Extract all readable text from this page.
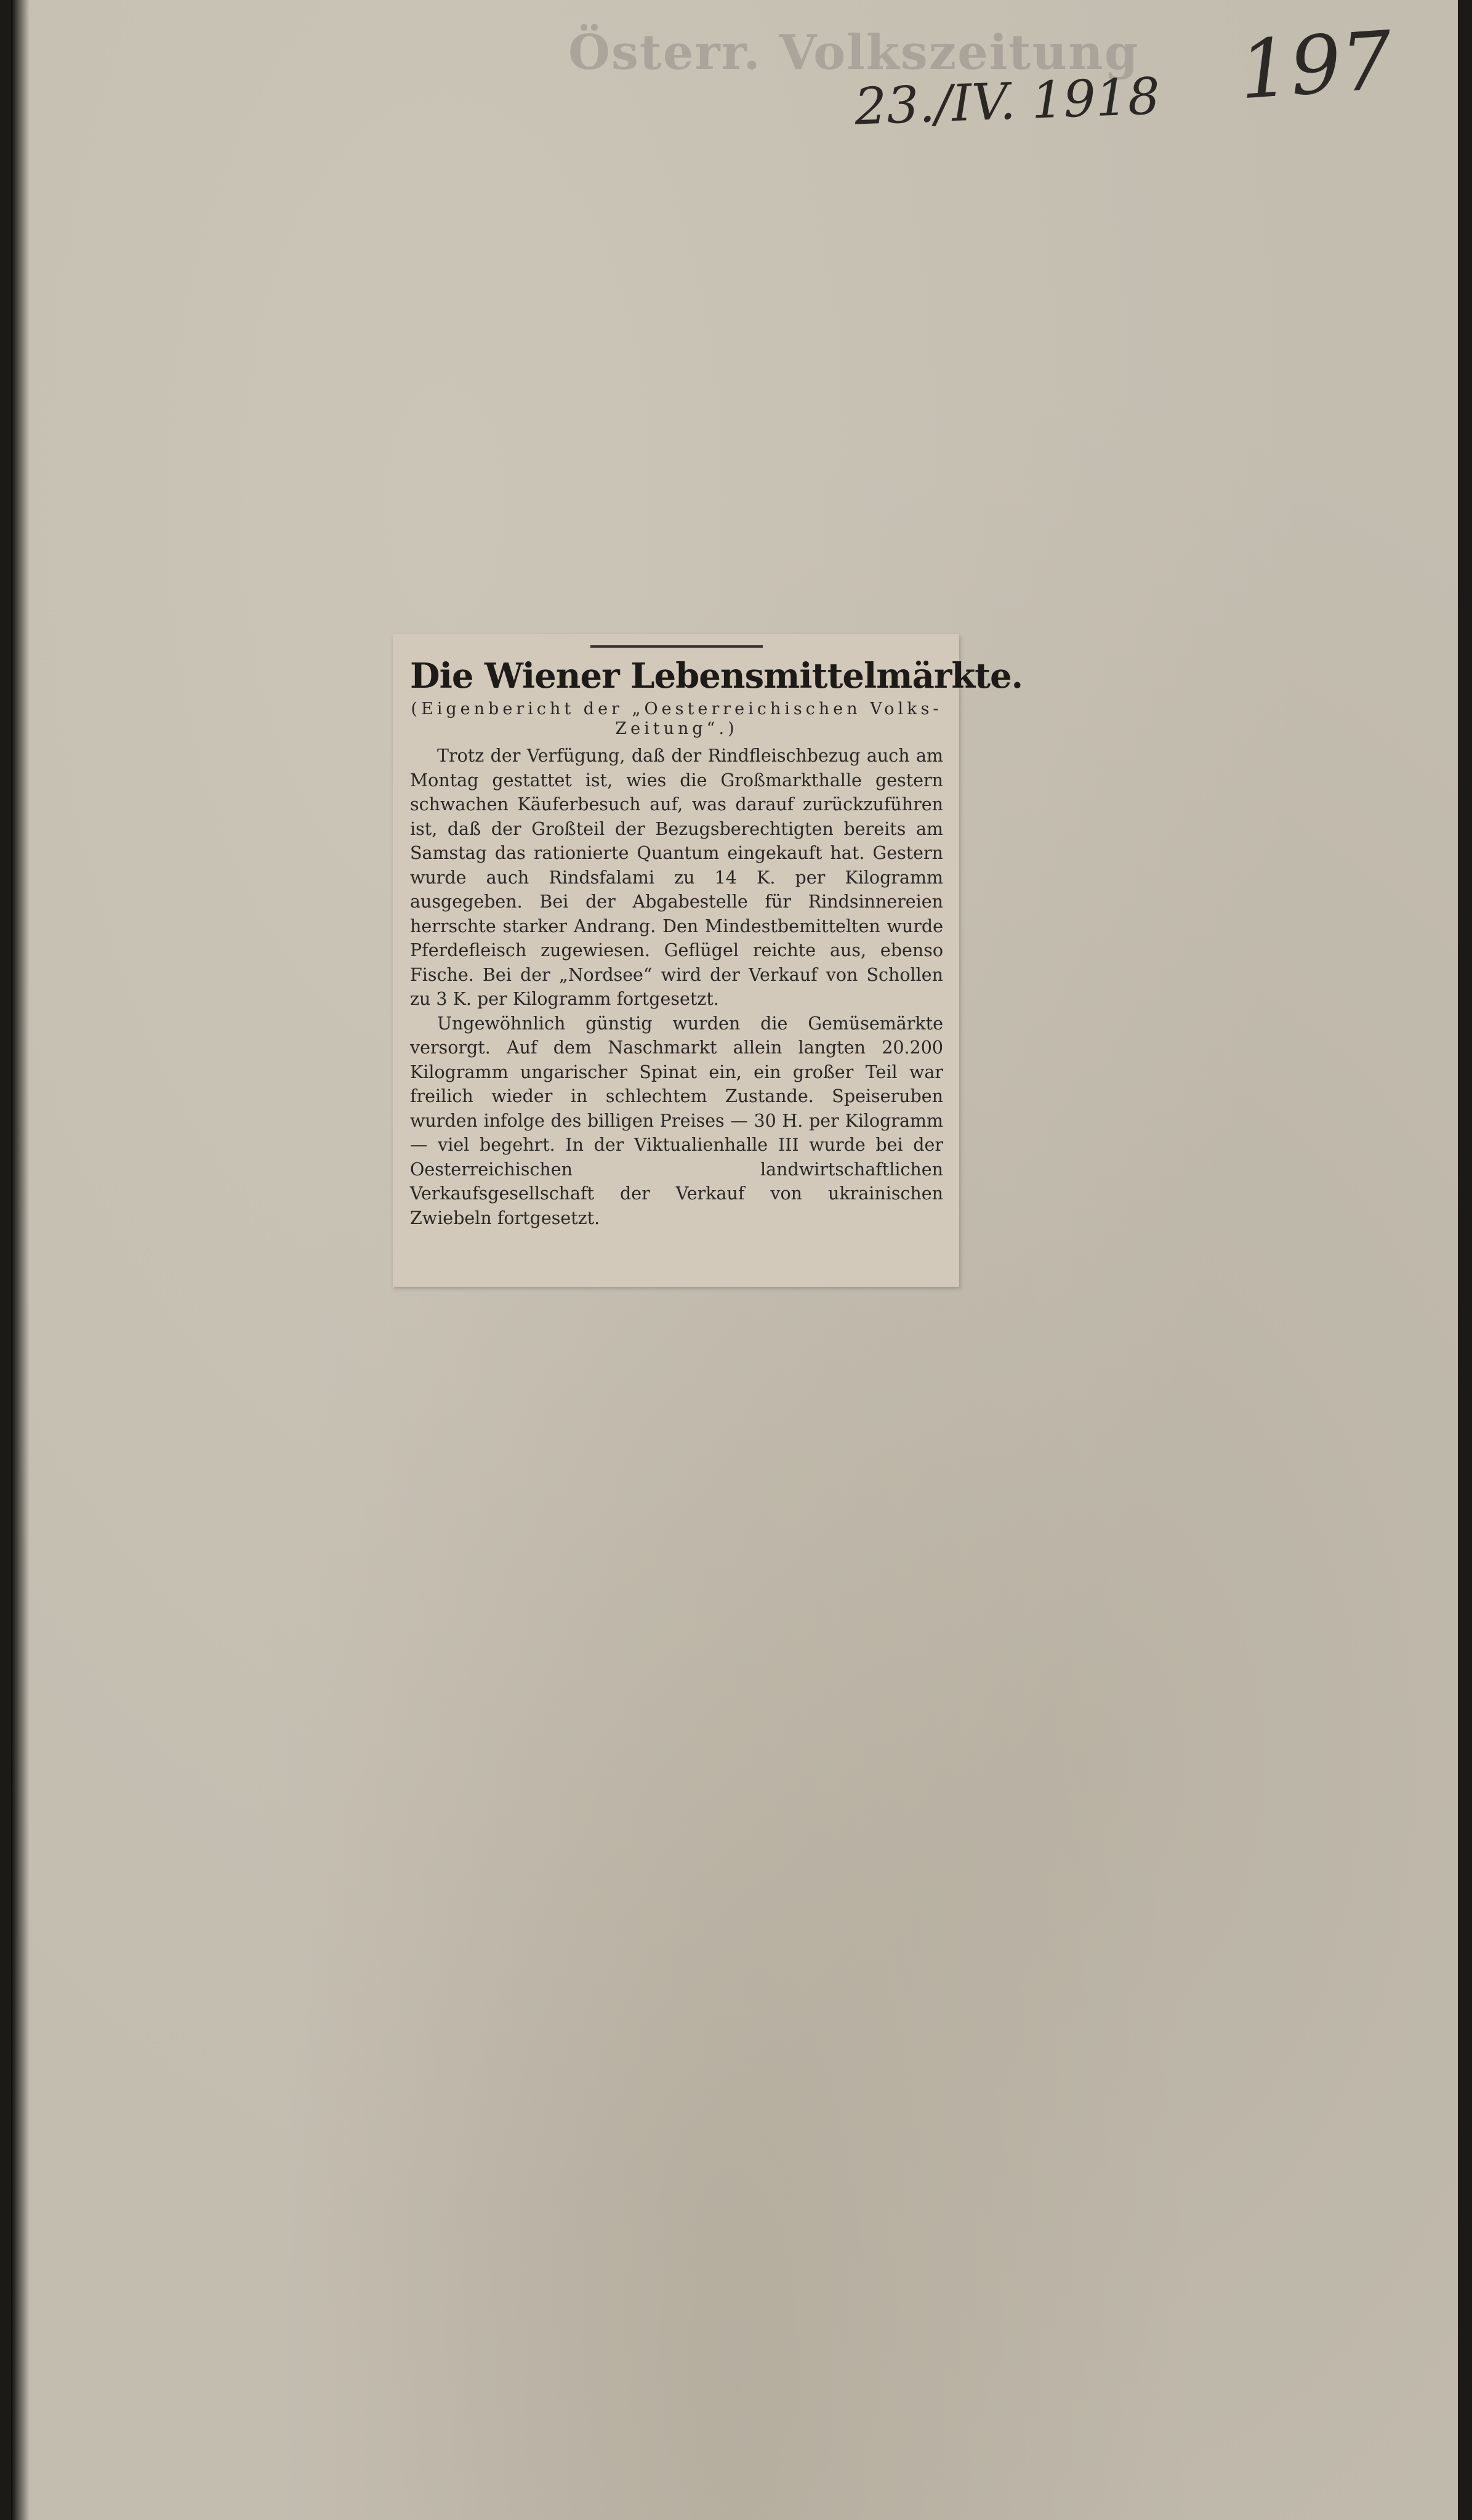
Österr. Volkszeitung
23./IV. 1918 197
Die Wiener Lebensmittelmärkte.
(Eigenbericht der „Oesterreichischen Volks-Zeitung“.)

Trotz der Verfügung, daß der Rindfleischbezug auch am Montag gestattet ist, wies die Großmarkthalle gestern schwachen Käuferbesuch auf, was darauf zurückzuführen ist, daß der Großteil der Bezugsberechtigten bereits am Samstag das rationierte Quantum eingekauft hat. Gestern wurde auch Rindsfalami zu 14 K. per Kilogramm ausgegeben. Bei der Abgabestelle für Rindsinnereien herrschte starker Andrang. Den Mindestbemittelten wurde Pferdefleisch zugewiesen. Geflügel reichte aus, ebenso Fische. Bei der „Nordsee“ wird der Verkauf von Schollen zu 3 K. per Kilogramm fortgesetzt.

Ungewöhnlich günstig wurden die Gemüsemärkte versorgt. Auf dem Naschmarkt allein langten 20.200 Kilogramm ungarischer Spinat ein, ein großer Teil war freilich wieder in schlechtem Zustande. Speiseruben wurden infolge des billigen Preises — 30 H. per Kilogramm — viel begehrt. In der Viktualienhalle III wurde bei der Oesterreichischen landwirtschaftlichen Verkaufsgesellschaft der Verkauf von ukrainischen Zwiebeln fortgesetzt.
